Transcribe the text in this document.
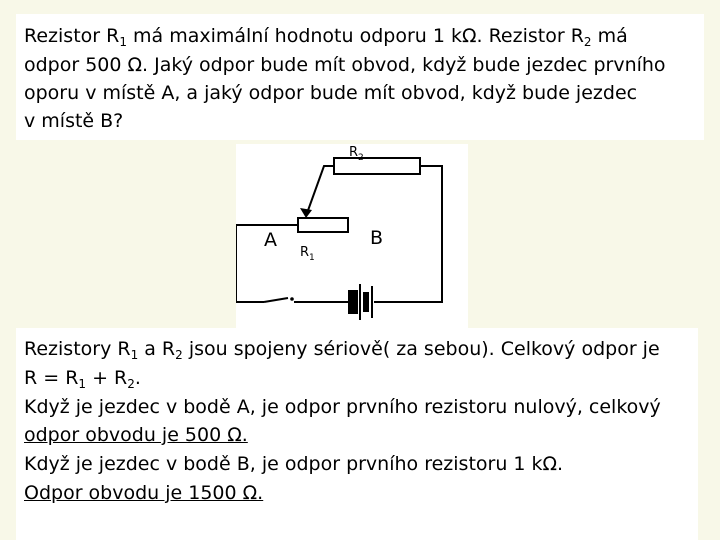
Rezistor $R_1$ má maximální hodnotu odporu 1 kΩ. Rezistor $R_2$ má
odpor 500 Ω. Jaký odpor bude mít obvod, když bude jezdec prvního
oporu v místě A, a jaký odpor bude mít obvod, když bude jezdec
v místě B?
$R_2$
A
$R_1$
B
Rezistory $R_1$ a $R_2$ jsou spojeny sériově( za sebou). Celkový odpor je
$R = R_1 + R_2$.
Když je jezdec v bodě A, je odpor prvního rezistoru nulový, celkový
odpor obvodu je 500 Ω.
Když je jezdec v bodě B, je odpor prvního rezistoru 1 kΩ.
Odpor obvodu je 1500 Ω.
